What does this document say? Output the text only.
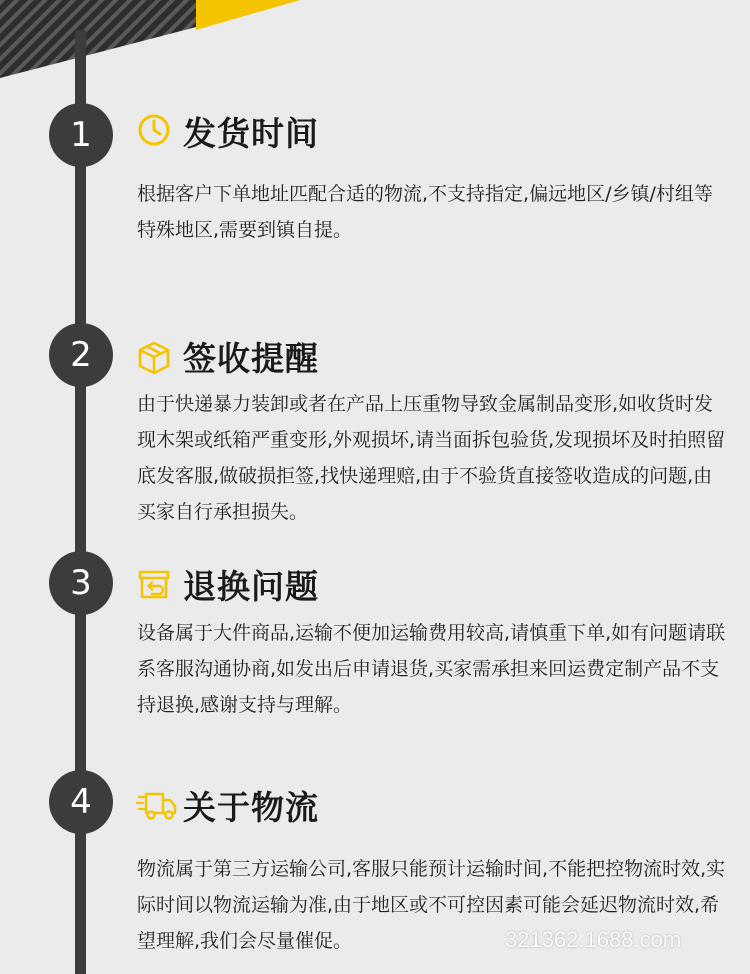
1	发货时间

根据客户下单地址匹配合适的物流,不支持指定,偏远地区/乡镇/村组等特殊地区,需要到镇自提。

2	签收提醒

由于快递暴力装卸或者在产品上压重物导致金属制品变形,如收货时发现木架或纸箱严重变形,外观损坏,请当面拆包验货,发现损坏及时拍照留底发客服,做破损拒签,找快递理赔,由于不验货直接签收造成的问题,由买家自行承担损失。

3	退换问题

设备属于大件商品,运输不便加运输费用较高,请慎重下单,如有问题请联系客服沟通协商,如发出后申请退货,买家需承担来回运费定制产品不支持退换,感谢支持与理解。

4	关于物流

物流属于第三方运输公司,客服只能预计运输时间,不能把控物流时效,实际时间以物流运输为准,由于地区或不可控因素可能会延迟物流时效,希望理解,我们会尽量催促。	321362.1688.com
